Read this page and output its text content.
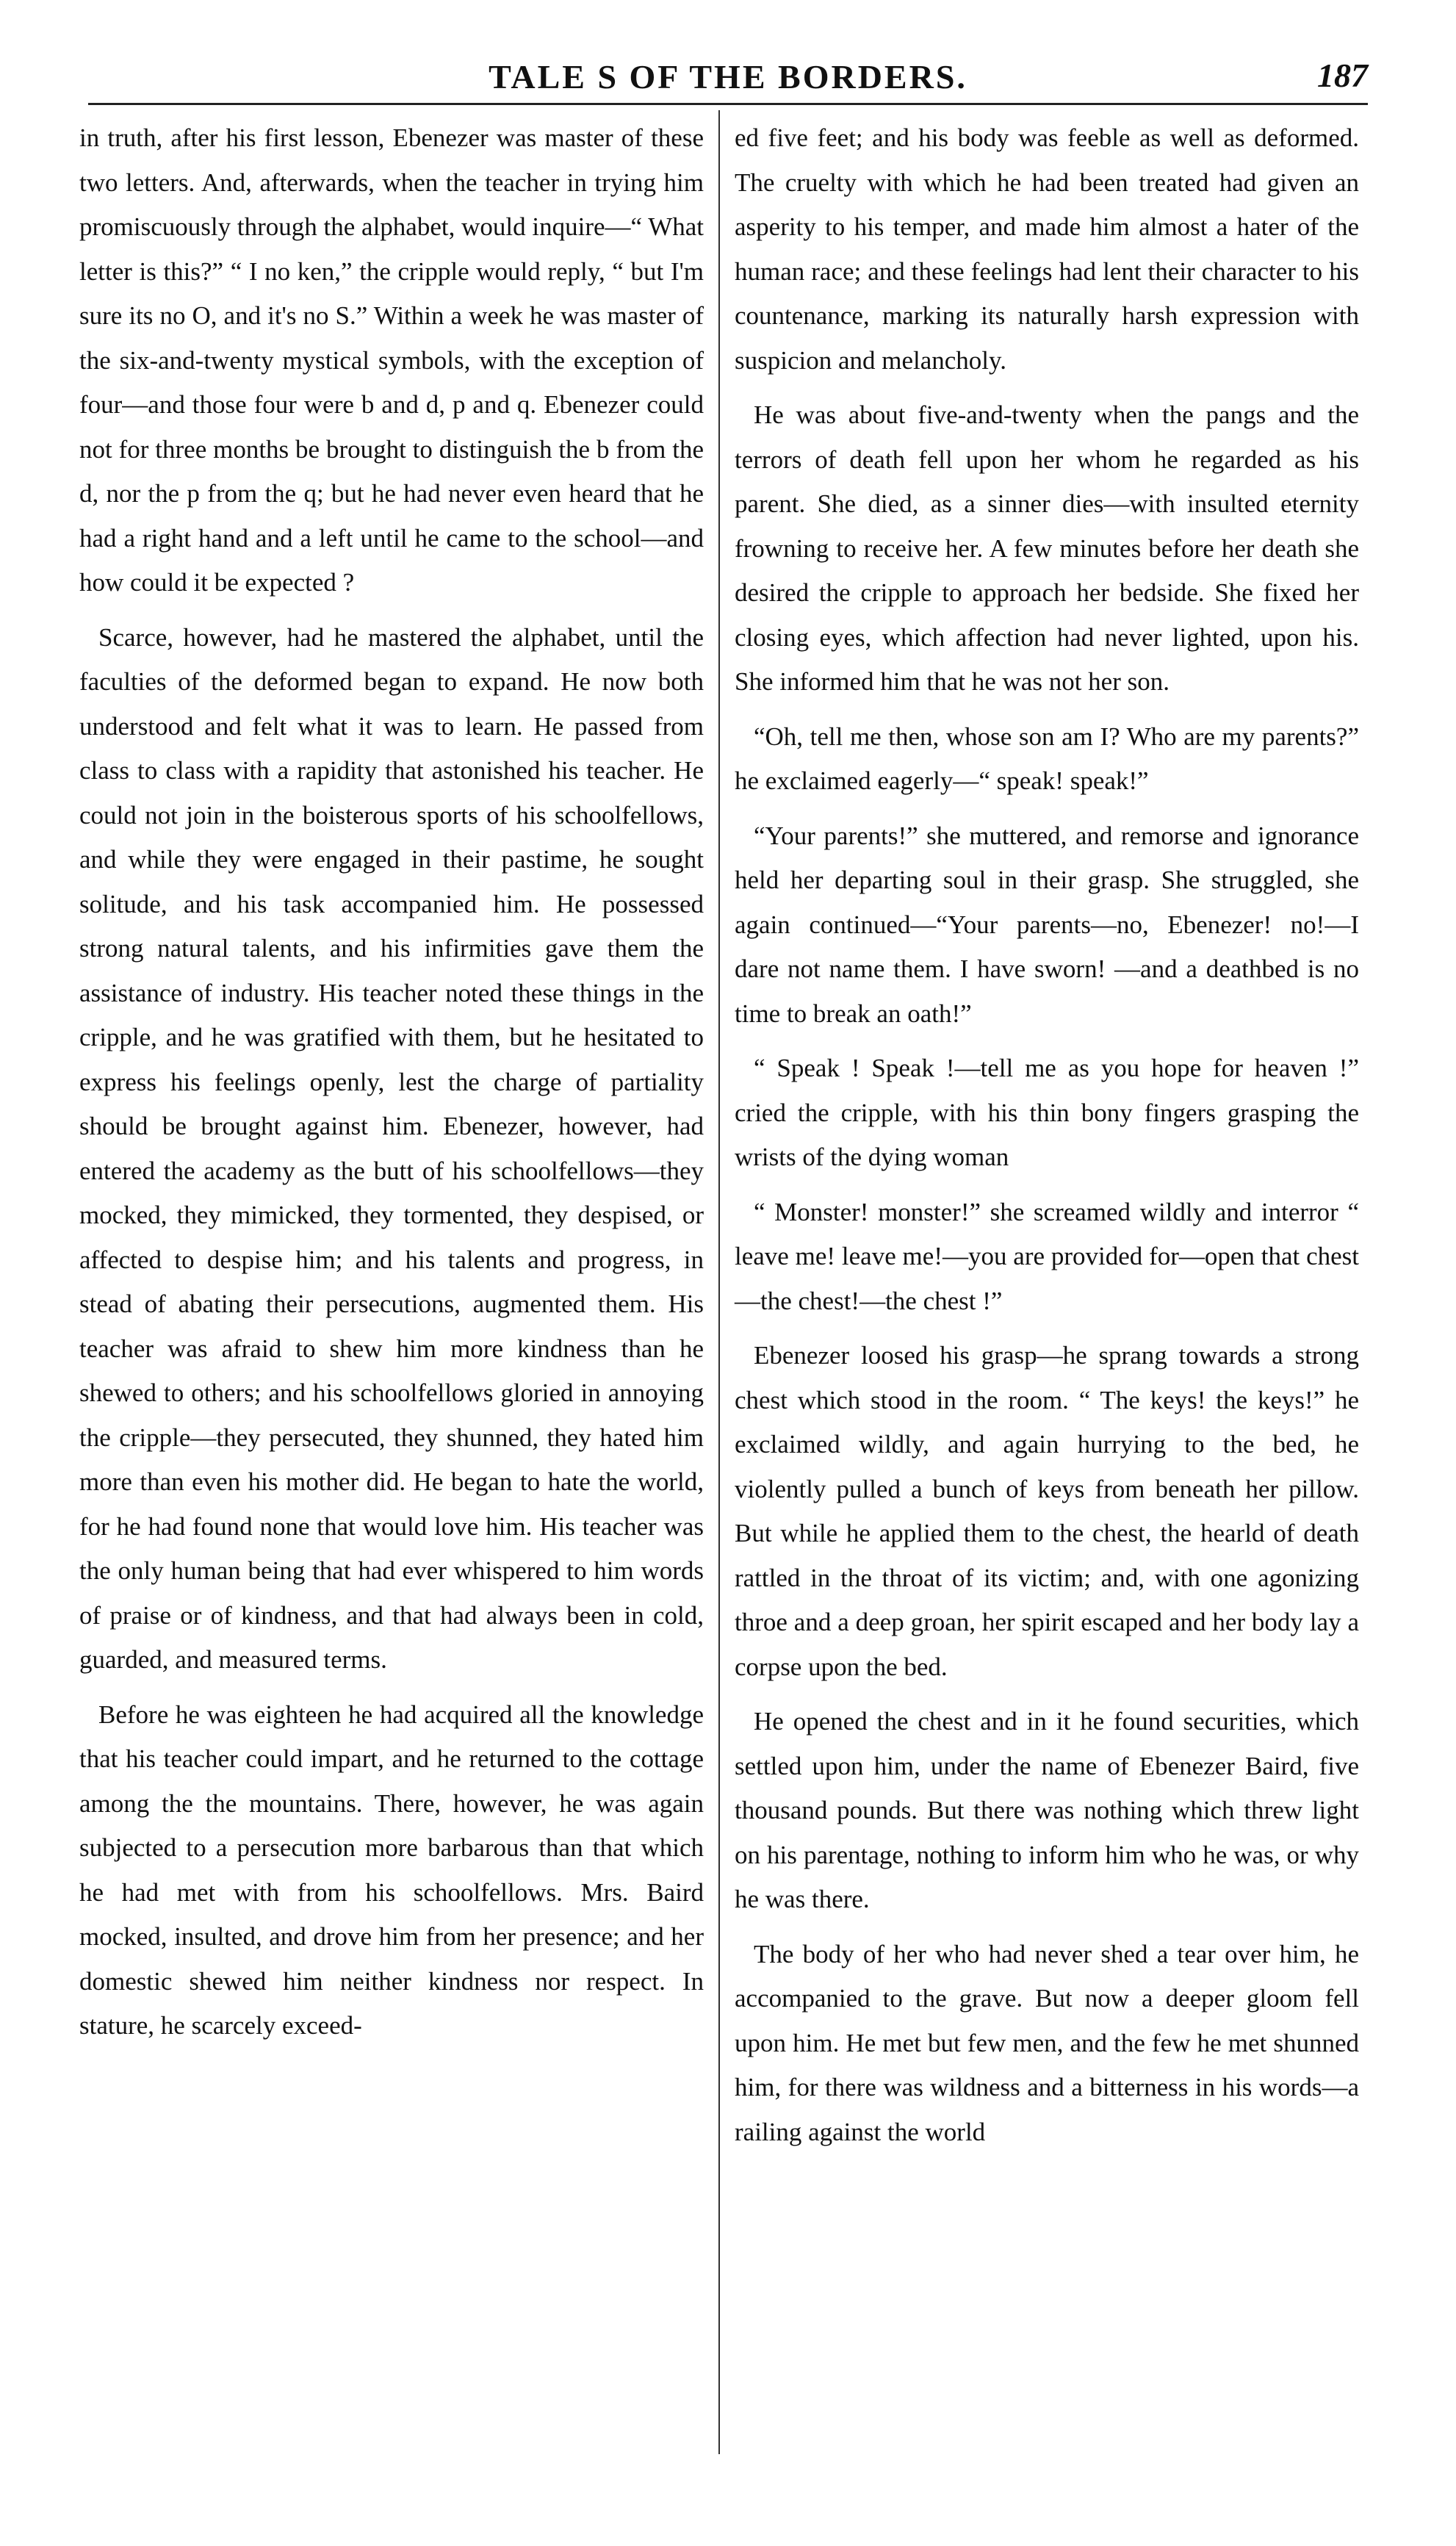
TALE S OF THE BORDERS.	187

in truth, after his first lesson, Ebenezer was master of these two letters. And, afterwards, when the teacher in trying him promiscuously through the alphabet, would inquire—“ What letter is this?” “ I no ken,” the cripple would reply, “ but I'm sure its no O, and it's no S.” Within a week he was master of the six-and-twenty mystical symbols, with the exception of four—and those four were b and d, p and q. Ebenezer could not for three months be brought to distinguish the b from the d, nor the p from the q; but he had never even heard that he had a right hand and a left until he came to the school—and how could it be expected ?

Scarce, however, had he mastered the alphabet, until the faculties of the deformed began to expand. He now both understood and felt what it was to learn. He passed from class to class with a rapidity that astonished his teacher. He could not join in the boisterous sports of his schoolfellows, and while they were engaged in their pastime, he sought solitude, and his task accompanied him. He possessed strong natural talents, and his infirmities gave them the assistance of industry. His teacher noted these things in the cripple, and he was gratified with them, but he hesitated to express his feelings openly, lest the charge of partiality should be brought against him. Ebenezer, however, had entered the academy as the butt of his schoolfellows—they mocked, they mimicked, they tormented, they despised, or affected to despise him; and his talents and progress, in stead of abating their persecutions, augmented them. His teacher was afraid to shew him more kindness than he shewed to others; and his schoolfellows gloried in annoying the cripple—they persecuted, they shunned, they hated him more than even his mother did. He began to hate the world, for he had found none that would love him. His teacher was the only human being that had ever whispered to him words of praise or of kindness, and that had always been in cold, guarded, and measured terms.

Before he was eighteen he had acquired all the knowledge that his teacher could impart, and he returned to the cottage among the the mountains. There, however, he was again subjected to a persecution more barbarous than that which he had met with from his schoolfellows. Mrs. Baird mocked, insulted, and drove him from her presence; and her domestic shewed him neither kindness nor respect. In stature, he scarcely exceed-

ed five feet; and his body was feeble as well as deformed. The cruelty with which he had been treated had given an asperity to his temper, and made him almost a hater of the human race; and these feelings had lent their character to his countenance, marking its naturally harsh expression with suspicion and melancholy.

He was about five-and-twenty when the pangs and the terrors of death fell upon her whom he regarded as his parent. She died, as a sinner dies—with insulted eternity frowning to receive her. A few minutes before her death she desired the cripple to approach her bedside. She fixed her closing eyes, which affection had never lighted, upon his. She informed him that he was not her son.

“Oh, tell me then, whose son am I? Who are my parents?” he exclaimed eagerly—“ speak! speak!”

“Your parents!” she muttered, and remorse and ignorance held her departing soul in their grasp. She struggled, she again continued—“Your parents—no, Ebenezer! no!—I dare not name them. I have sworn! —and a deathbed is no time to break an oath!”

“ Speak ! Speak !—tell me as you hope for heaven !” cried the cripple, with his thin bony fingers grasping the wrists of the dying woman

“ Monster! monster!” she screamed wildly and interror “ leave me! leave me!—you are provided for—open that chest—the chest!—the chest !”

Ebenezer loosed his grasp—he sprang towards a strong chest which stood in the room. “ The keys! the keys!” he exclaimed wildly, and again hurrying to the bed, he violently pulled a bunch of keys from beneath her pillow. But while he applied them to the chest, the hearld of death rattled in the throat of its victim; and, with one agonizing throe and a deep groan, her spirit escaped and her body lay a corpse upon the bed.

He opened the chest and in it he found securities, which settled upon him, under the name of Ebenezer Baird, five thousand pounds. But there was nothing which threw light on his parentage, nothing to inform him who he was, or why he was there.

The body of her who had never shed a tear over him, he accompanied to the grave. But now a deeper gloom fell upon him. He met but few men, and the few he met shunned him, for there was wildness and a bitterness in his words—a railing against the world
